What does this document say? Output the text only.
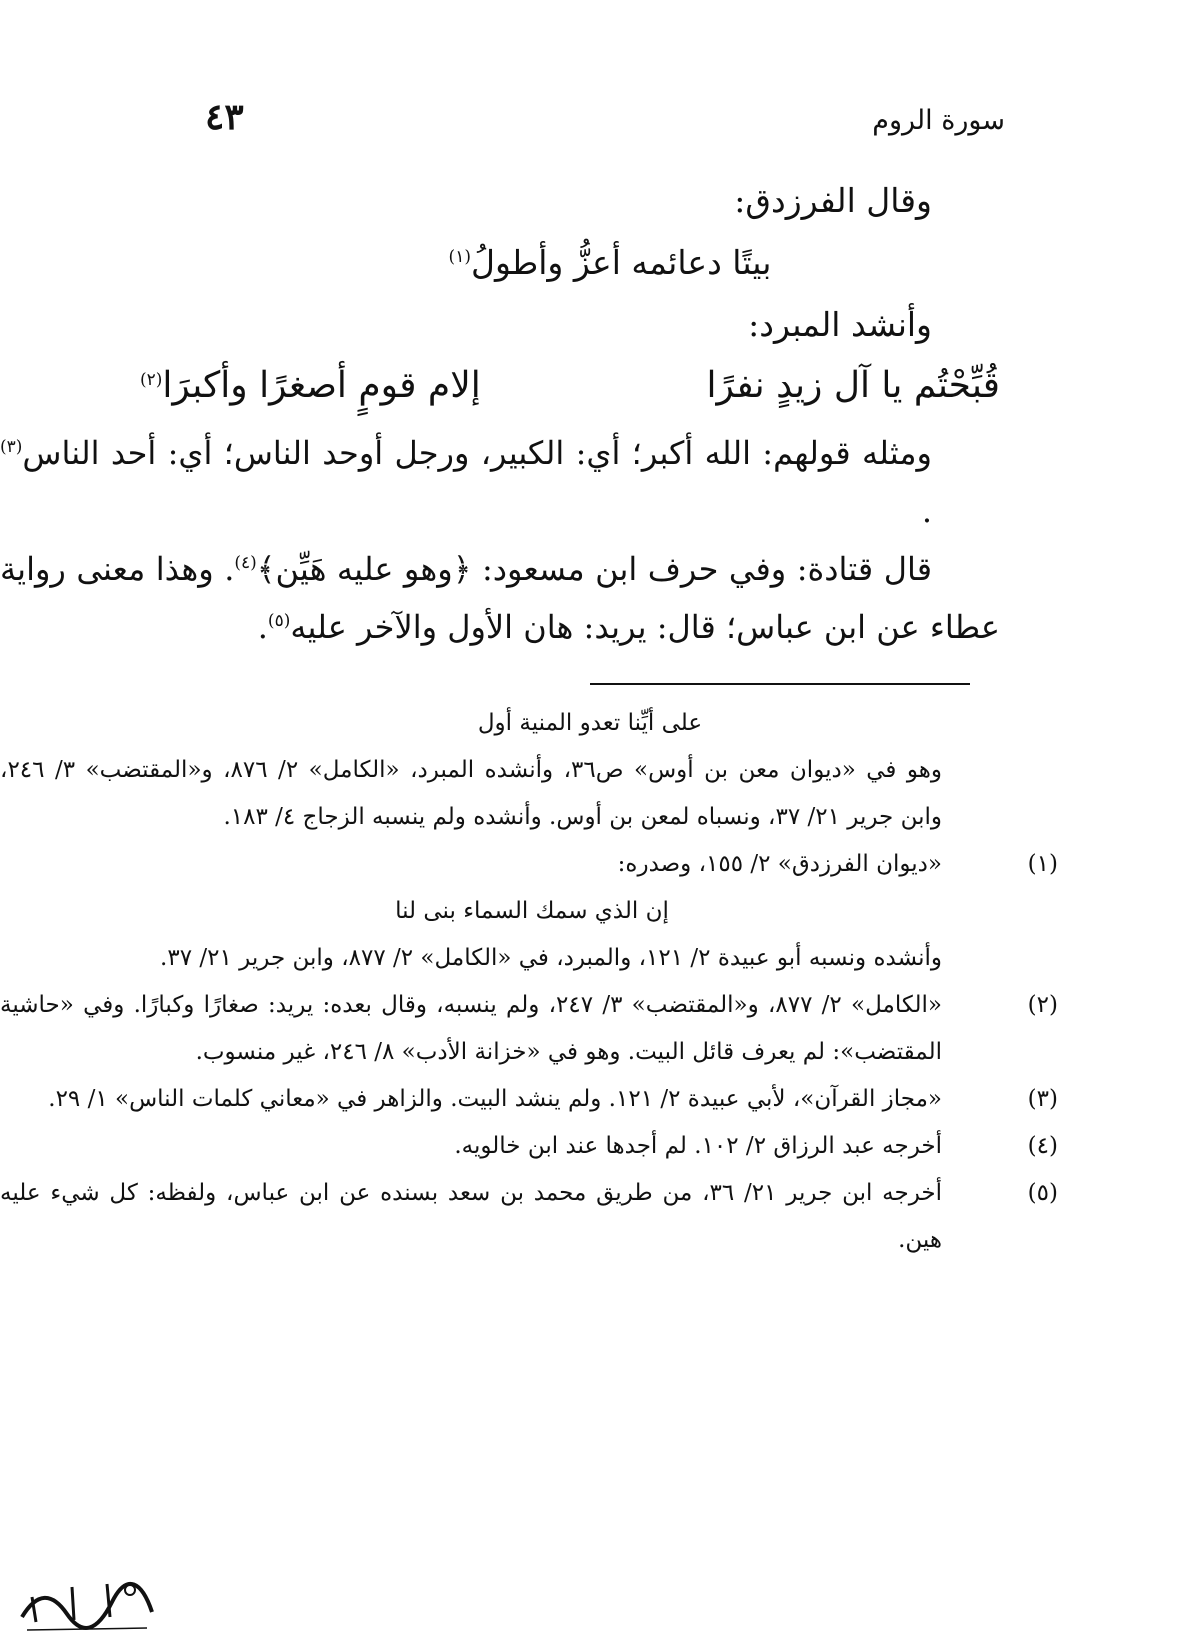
سورة الروم
٤٣

وقال الفرزدق:

بيتًا دعائمه أعزُّ وأطولُ$^{(١)}$

وأنشد المبرد:

قُبِّحْتُم يا آل زيدٍ نفرًا
إلام قومٍ أصغرًا وأكبرَا$^{(٢)}$

ومثله قولهم: الله أكبر؛ أي: الكبير، ورجل أوحد الناس؛ أي: أحد الناس$^{(٣)}$ .

قال قتادة: وفي حرف ابن مسعود: ﴿وهو عليه هَيِّن﴾$^{(٤)}$. وهذا معنى رواية عطاء عن ابن عباس؛ قال: يريد: هان الأول والآخر عليه$^{(٥)}$.

على أيِّنا تعدو المنية أول

وهو في «ديوان معن بن أوس» ص٣٦، وأنشده المبرد، «الكامل» ٢/ ٨٧٦، و«المقتضب» ٣/ ٢٤٦، وابن جرير ٢١/ ٣٧، ونسباه لمعن بن أوس. وأنشده ولم ينسبه الزجاج ٤/ ١٨٣.

(١)

«ديوان الفرزدق» ٢/ ١٥٥، وصدره:

إن الذي سمك السماء بنى لنا

وأنشده ونسبه أبو عبيدة ٢/ ١٢١، والمبرد، في «الكامل» ٢/ ٨٧٧، وابن جرير ٢١/ ٣٧.

(٢)

«الكامل» ٢/ ٨٧٧، و«المقتضب» ٣/ ٢٤٧، ولم ينسبه، وقال بعده: يريد: صغارًا وكبارًا. وفي «حاشية المقتضب»: لم يعرف قائل البيت. وهو في «خزانة الأدب» ٨/ ٢٤٦، غير منسوب.

(٣)

«مجاز القرآن»، لأبي عبيدة ٢/ ١٢١. ولم ينشد البيت. والزاهر في «معاني كلمات الناس» ١/ ٢٩.

(٤)

أخرجه عبد الرزاق ٢/ ١٠٢. لم أجدها عند ابن خالويه.

(٥)

أخرجه ابن جرير ٢١/ ٣٦، من طريق محمد بن سعد بسنده عن ابن عباس، ولفظه: كل شيء عليه هين.
